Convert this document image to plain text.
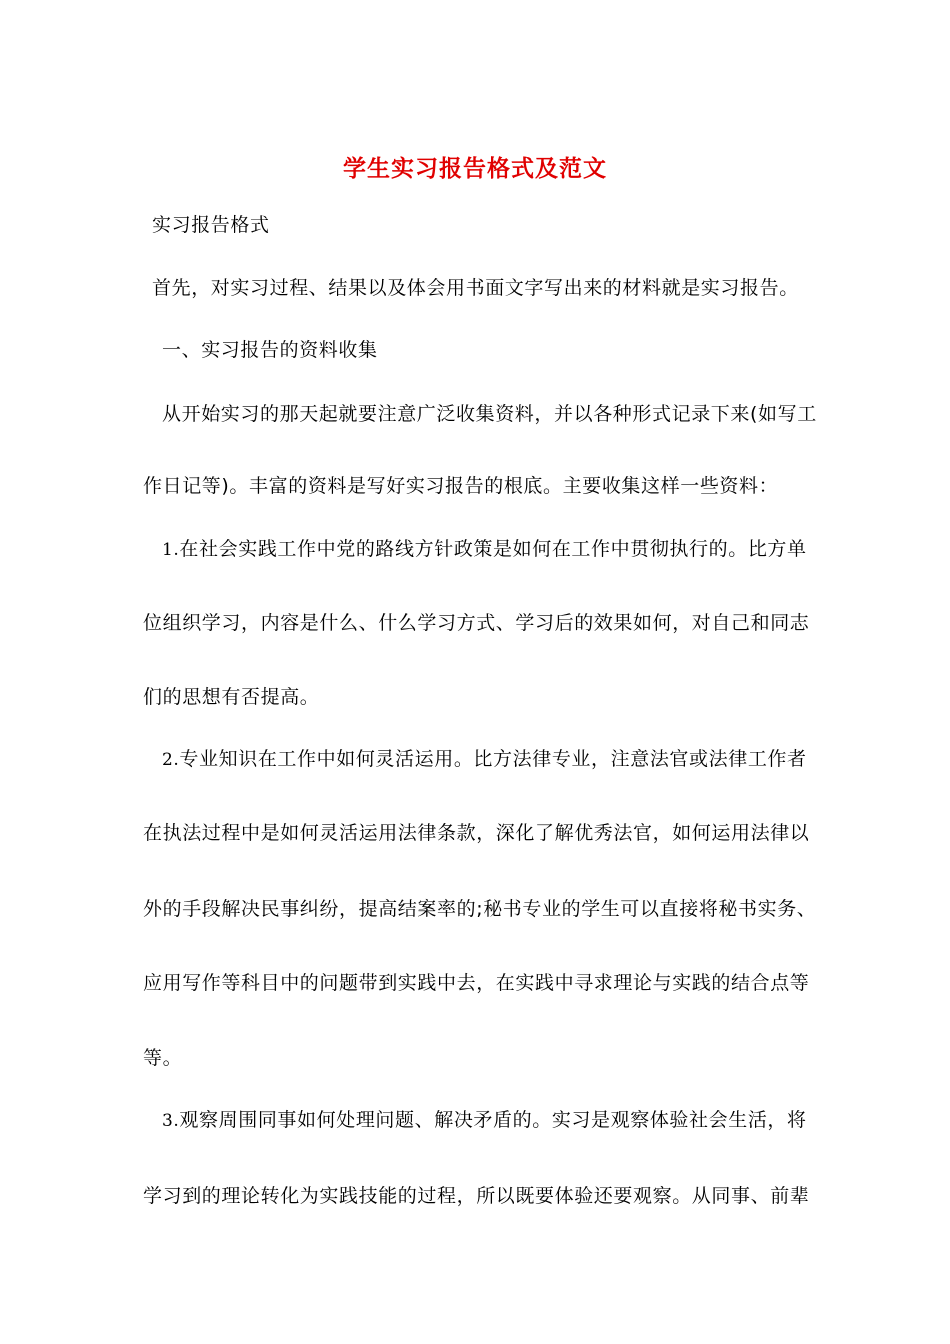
学生实习报告格式及范文
实习报告格式
首先，对实习过程、结果以及体会用书面文字写出来的材料就是实习报告。
一、实习报告的资料收集
从开始实习的那天起就要注意广泛收集资料，并以各种形式记录下来(如写工
作日记等)。丰富的资料是写好实习报告的根底。主要收集这样一些资料：
1.在社会实践工作中党的路线方针政策是如何在工作中贯彻执行的。比方单
位组织学习，内容是什么、什么学习方式、学习后的效果如何，对自己和同志
们的思想有否提高。
2.专业知识在工作中如何灵活运用。比方法律专业，注意法官或法律工作者
在执法过程中是如何灵活运用法律条款，深化了解优秀法官，如何运用法律以
外的手段解决民事纠纷，提高结案率的;秘书专业的学生可以直接将秘书实务、
应用写作等科目中的问题带到实践中去，在实践中寻求理论与实践的结合点等
等。
3.观察周围同事如何处理问题、解决矛盾的。实习是观察体验社会生活，将
学习到的理论转化为实践技能的过程，所以既要体验还要观察。从同事、前辈
